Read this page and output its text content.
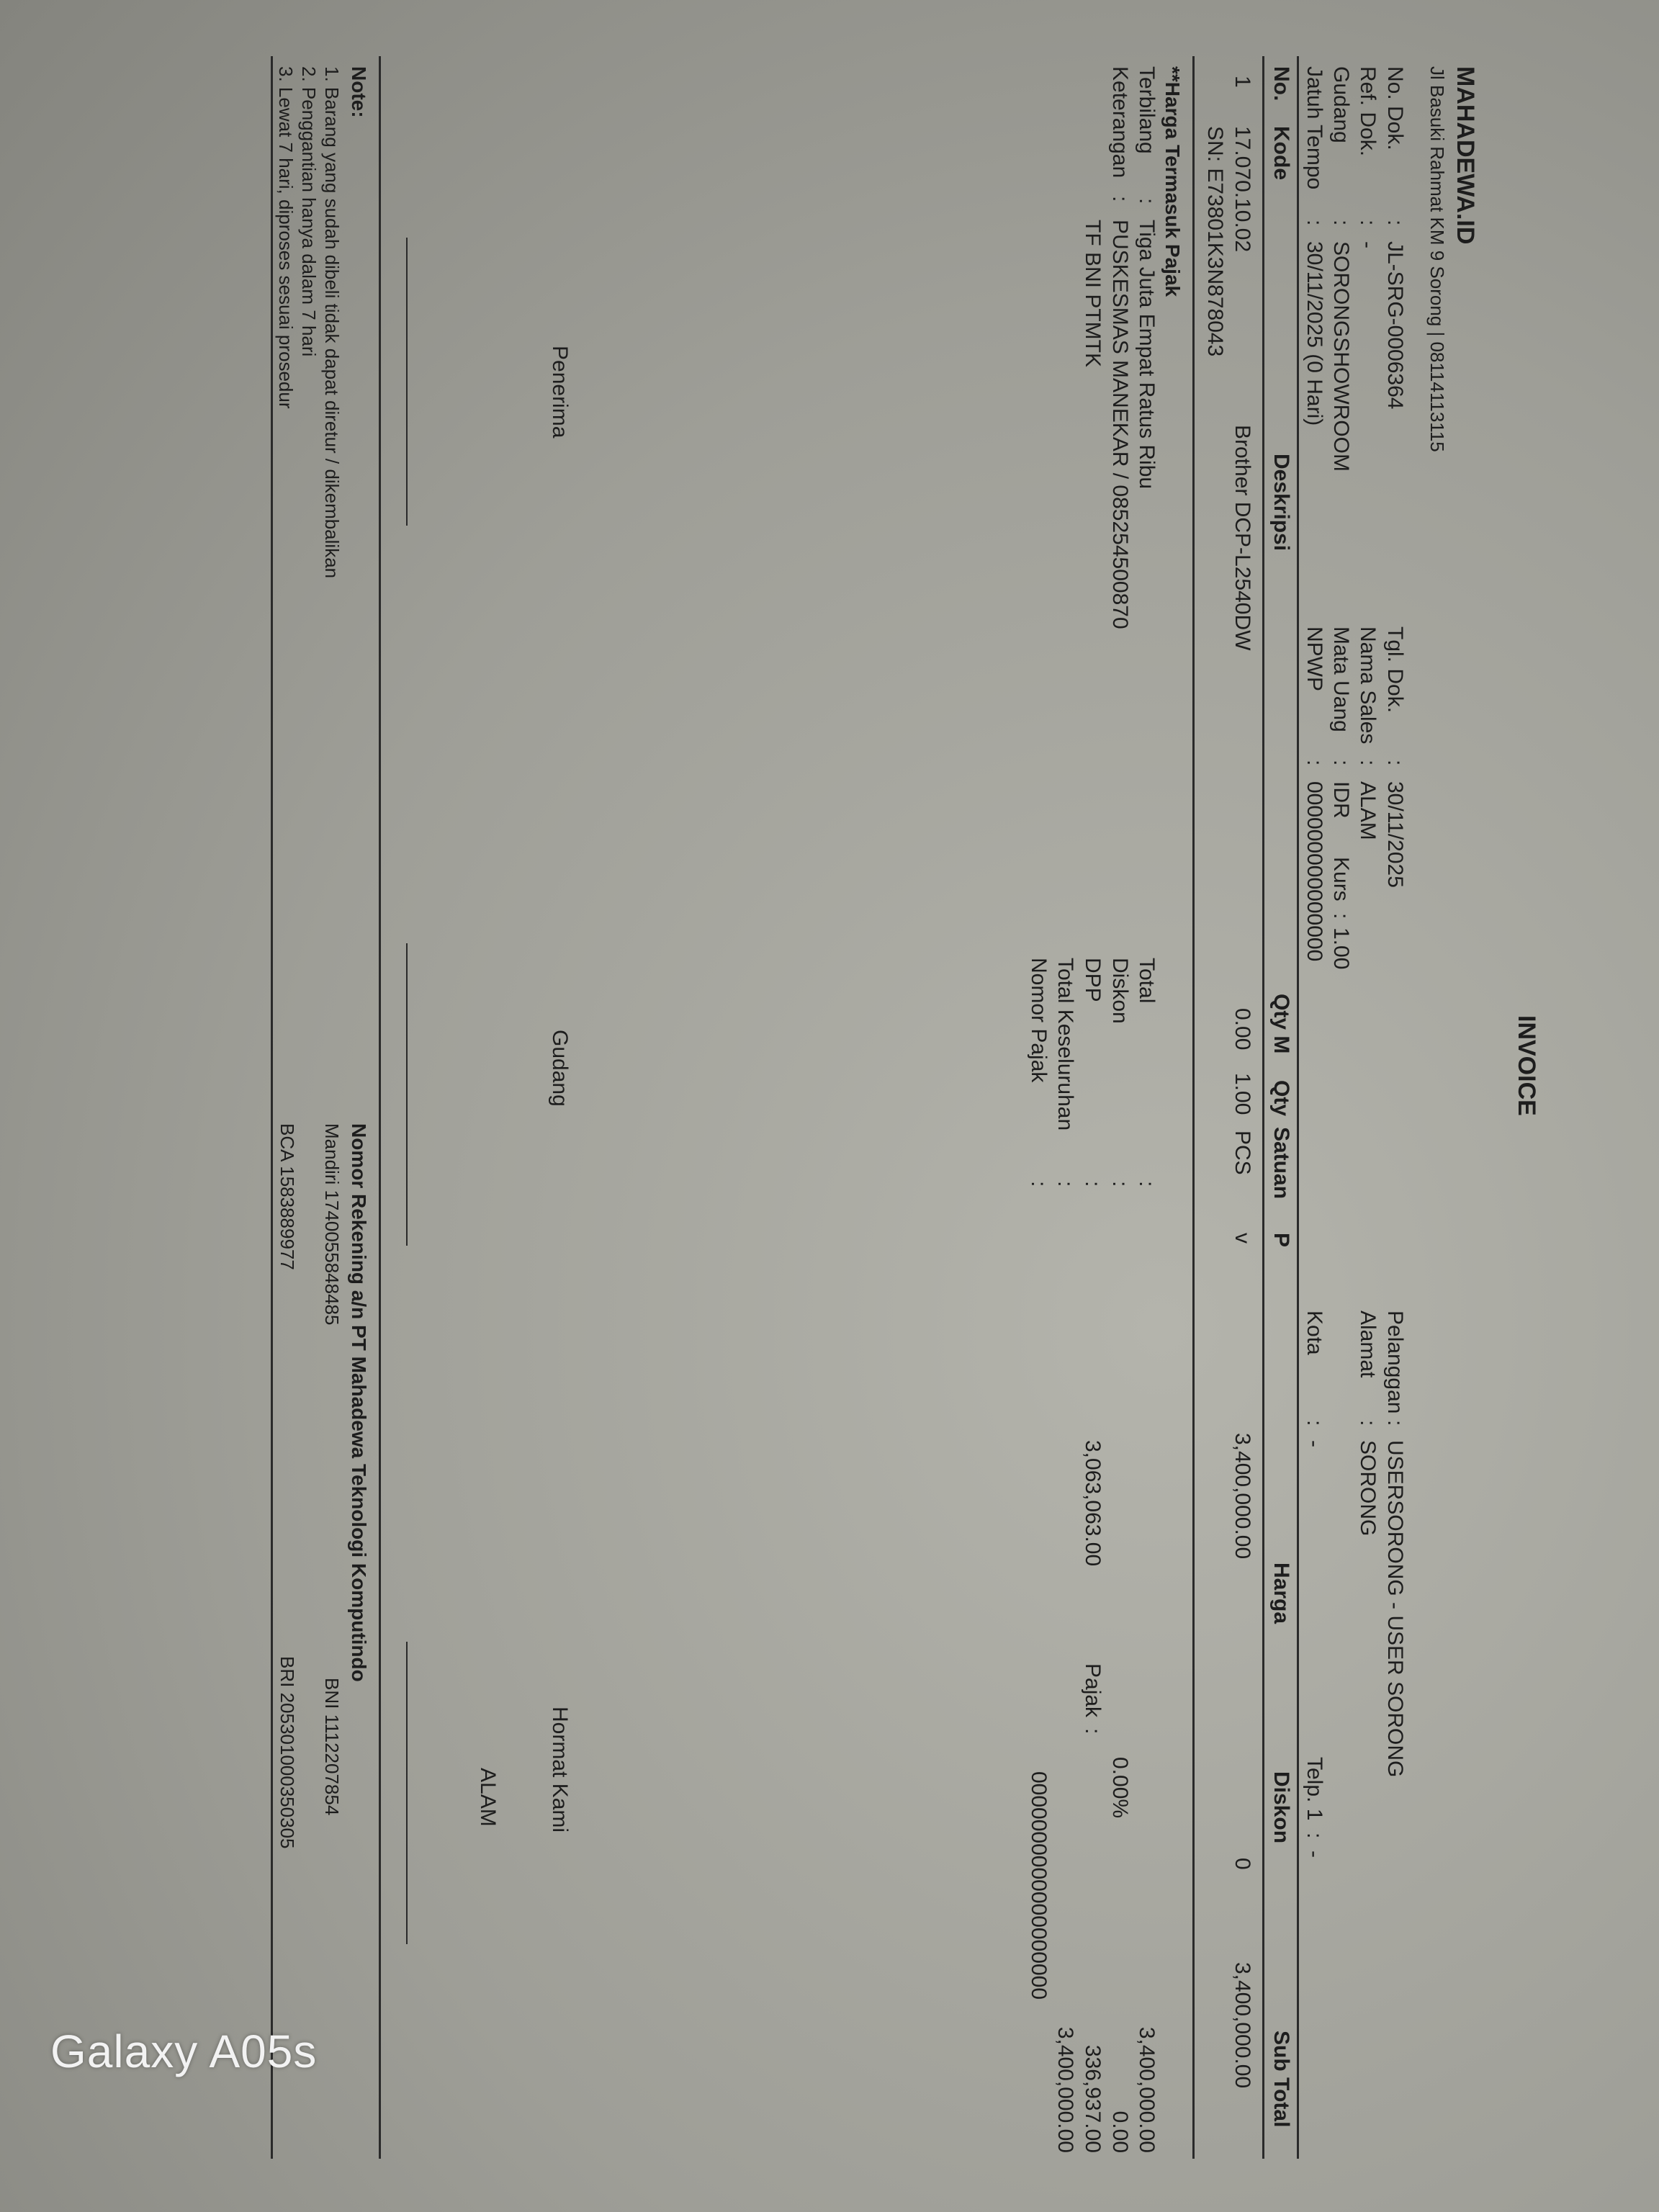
INVOICE
MAHADEWA.ID
Jl Basuki Rahmat KM 9 Sorong | 08114113115
No. Dok.
:
JL-SRG-0006364
Ref. Dok.
:
-
Gudang
:
SORONGSHOWROOM
Jatuh Tempo
:
30/11/2025 (0 Hari)
Tgl. Dok.
:
30/11/2025
Nama Sales
:
ALAM
Mata Uang
:
IDR
Kurs
:
1.00
NPWP
:
000000000000000
Pelanggan
:
USERSORONG - USER SORONG
Alamat
:
SORONG
Kota
:
-
Telp. 1
:
-
No.
Kode
Deskripsi
Qty M
Qty
Satuan
P
Harga
Diskon
Sub Total
1
17.070.10.02
Brother DCP-L2540DW
0.00
1.00
PCS
v
3,400,000.00
0
3,400,000.00
SN: E73801K3N878043
**Harga Termasuk Pajak
Terbilang
:
Tiga Juta Empat Ratus Ribu
Keterangan
:
PUSKESMAS MANEKAR / 085254500870
TF BNI PTMTK
Total
:
3,400,000.00
Diskon
:
0.00%
0.00
DPP
:
3,063,063.00
Pajak
:
336,937.00
Total Keseluruhan
:
3,400,000.00
Nomor Pajak
:
0000000000000000000
Penerima
Gudang
Hormat Kami
ALAM
Note:
1. Barang yang sudah dibeli tidak dapat diretur / dikembalikan
2. Penggantian hanya dalam 7 hari
3. Lewat 7 hari, diproses sesuai prosedur
Nomor Rekening a/n PT Mahadewa Teknologi Komputindo
Mandiri 1740055848485
BNI 1112207854
BCA 1583889977
BRI 205301000350305
Galaxy A05s
